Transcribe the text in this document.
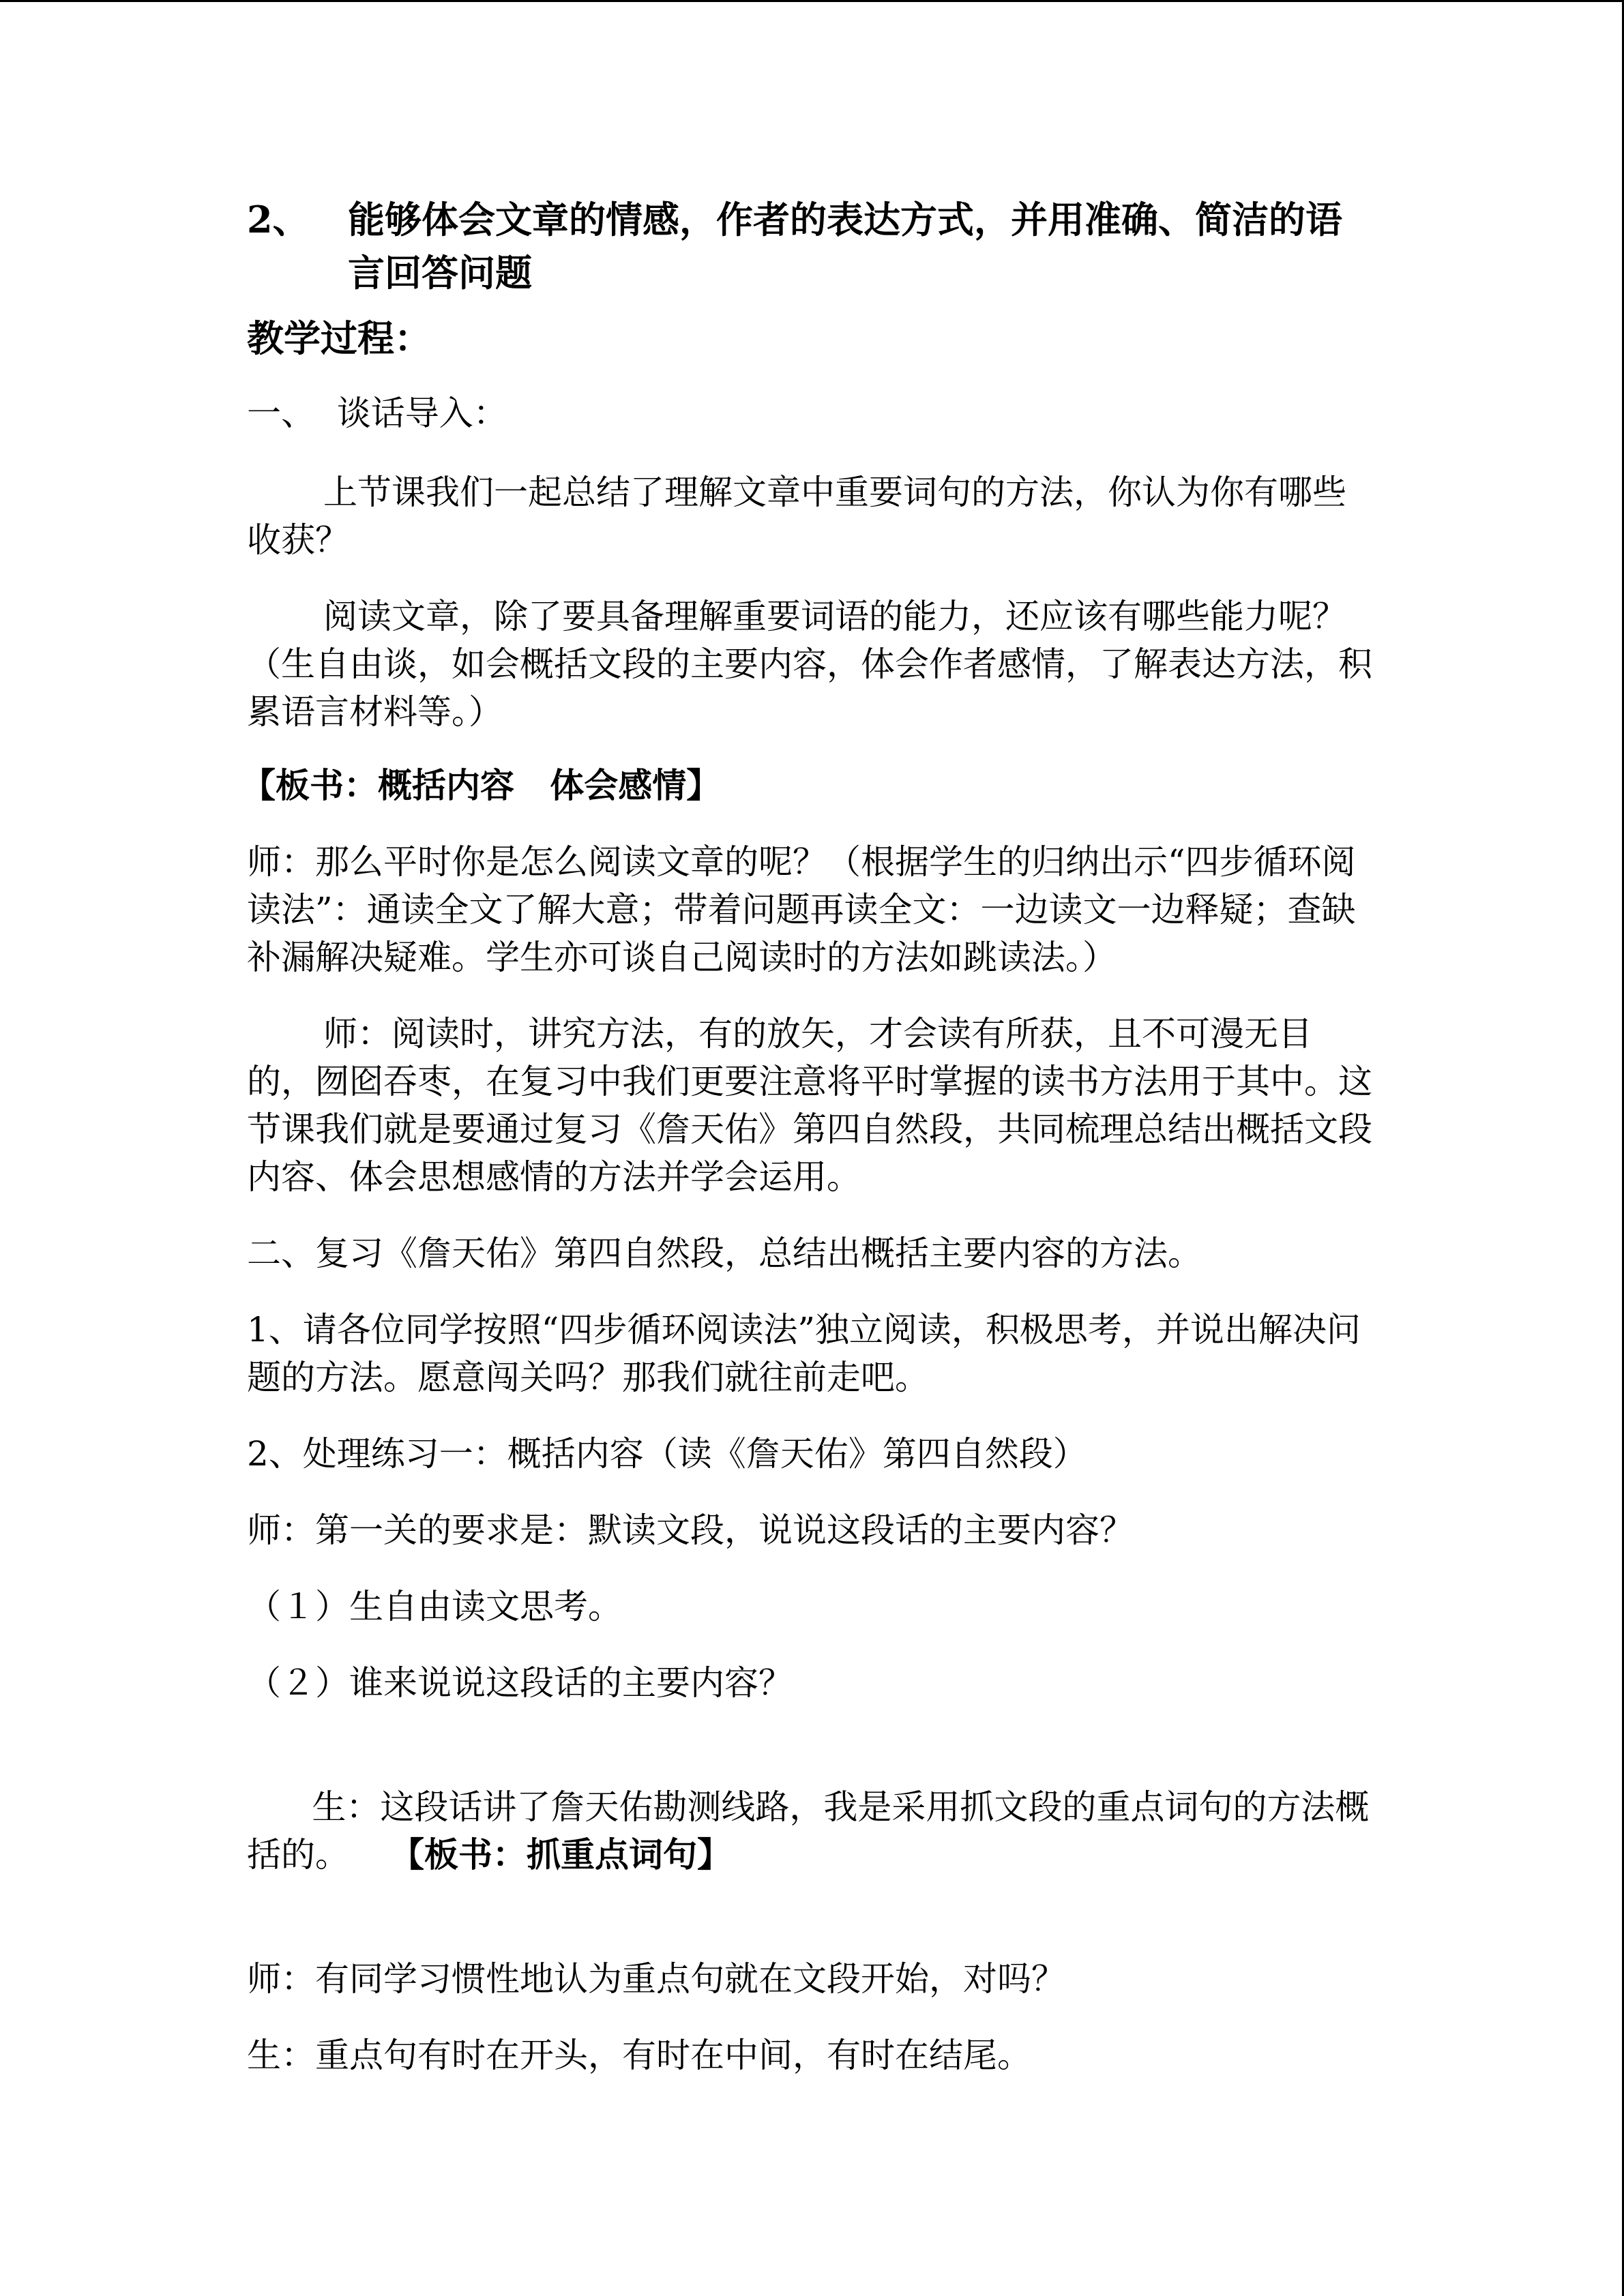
2、	能够体会文章的情感，作者的表达方式，并用准确、简洁的语言回答问题
教学过程：
一、  谈话导入：
上节课我们一起总结了理解文章中重要词句的方法，你认为你有哪些收获？
阅读文章，除了要具备理解重要词语的能力，还应该有哪些能力呢？（生自由谈，如会概括文段的主要内容，体会作者感情，了解表达方法，积累语言材料等。）
【板书：概括内容   体会感情】
师：那么平时你是怎么阅读文章的呢？（根据学生的归纳出示“四步循环阅读法”：通读全文了解大意；带着问题再读全文：一边读文一边释疑；查缺补漏解决疑难。学生亦可谈自己阅读时的方法如跳读法。）
师：阅读时，讲究方法，有的放矢，才会读有所获，且不可漫无目的，囫囵吞枣，在复习中我们更要注意将平时掌握的读书方法用于其中。这节课我们就是要通过复习《詹天佑》第四自然段，共同梳理总结出概括文段内容、体会思想感情的方法并学会运用。
二、复习《詹天佑》第四自然段，总结出概括主要内容的方法。
1、请各位同学按照“四步循环阅读法”独立阅读，积极思考，并说出解决问题的方法。愿意闯关吗？那我们就往前走吧。
2、处理练习一：概括内容（读《詹天佑》第四自然段）
师：第一关的要求是：默读文段，说说这段话的主要内容？
（１）生自由读文思考。
（２）谁来说说这段话的主要内容？

生：这段话讲了詹天佑勘测线路，我是采用抓文段的重点词句的方法概括的。 【板书：抓重点词句】

师：有同学习惯性地认为重点句就在文段开始，对吗？
生：重点句有时在开头，有时在中间，有时在结尾。
